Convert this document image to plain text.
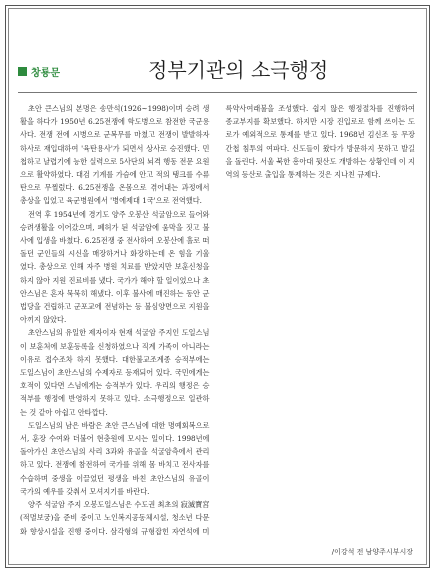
창룡문	정부기관의 소극행정

초안 큰스님의 본명은 송만석(1926~1998)이며 승려 생활을 하다가 1950년 6.25전쟁에 학도병으로 참전한 국군용사다. 전쟁 전에 시병으로 군복무를 마쳤고 전쟁이 발발하자 하사로 재입대하여 '육탄용사'가 되면서 상사로 승진했다. 민첩하고 날렵기에 능한 실력으로 5사단의 뇌격 행동 전문 요원으로 활약하였다. 대검 기계를 가슴에 안고 적의 탱크를 수류탄으로 무찔렀다. 6.25전쟁을 온몸으로 겪어내는 과정에서 총상을 입었고 육군병원에서 '병에제대 1국'으로 전역했다.

전역 후 1954년에 경기도 양주 오봉산 석굴암으로 들어와 승려생활을 이어갔으며, 폐허가 된 석굴암에 움막을 짓고 불사에 입생을 바쳤다. 6.25전쟁 중 전사하여 오봉산에 홀로 떠돌던 군인들의 시신을 매장하거나 화장하는데 온 힘을 기울였다. 총상으로 인해 자주 병원 치료를 받았지만 보훈신청을 하지 않아 지원 진료비를 냈다. 국가가 해야 할 일이었으나 초안스님은 혼자 묵묵히 해냈다. 이후 불사에 매진하는 동안 군법당을 건립하고 군포교에 전념하는 등 불심양면으로 지원을 아끼지 않았다.

초안스님의 유일한 제자이자 현재 석굴암 주지인 도일스님이 보훈처에 보훈등록을 신청하였으나 직계 가족이 아니라는 이유로 접수조차 하지 못했다. 대한불교조계종 승적부에는 도일스님이 초안스님의 수제자로 등재되어 있다. 국민에게는 호적이 있다면 스님에게는 승적부가 있다. 우리의 행정은 승적부를 행정에 반영하지 못하고 있다. 소극행정으로 일관하는 것 같아 아쉽고 안타깝다.

도일스님의 남은 바람은 초안 큰스님에 대한 명예회복으로서, 훈장 수여와 더불어 현충원에 모시는 일이다. 1998년에 돌아가신 초안스님의 사리 3과와 유골을 석굴암측에서 관리하고 있다. 전쟁에 참전하여 국가를 위해 몸 바치고 전사자를 수습하며 중생을 이끌었던 평생을 바친 초안스님의 유골이 국가의 예우를 갖춰서 모셔지기를 바란다.

양주 석굴암 주지 오봉도일스님은 수도권 최초의 寂滅寶宮(적멸보궁)을 준비 중이고 노인복지공동체시설, 청소년 다문화 향상시설을 진행 중이다. 삼각형의 규형잡힌 자연석에 미륵약사여래불을 조성했다. 쉽지 않은 행정절차를 진행하여 종교부지를 확보했다. 하지만 시장 진입로로 함께 쓰이는 도로가 예외적으로 통제를 받고 있다. 1968년 김신조 등 무장간첩 침투의 여파다. 신도들이 왔다가 방문하지 못하고 발길을 돌린다. 서울 북한 흥아대 뒷산도 개방하는 상황인데 이 지역의 등산로 출입을 통제하는 것은 지나친 규제다.

/이강석 전 남양주시부시장
